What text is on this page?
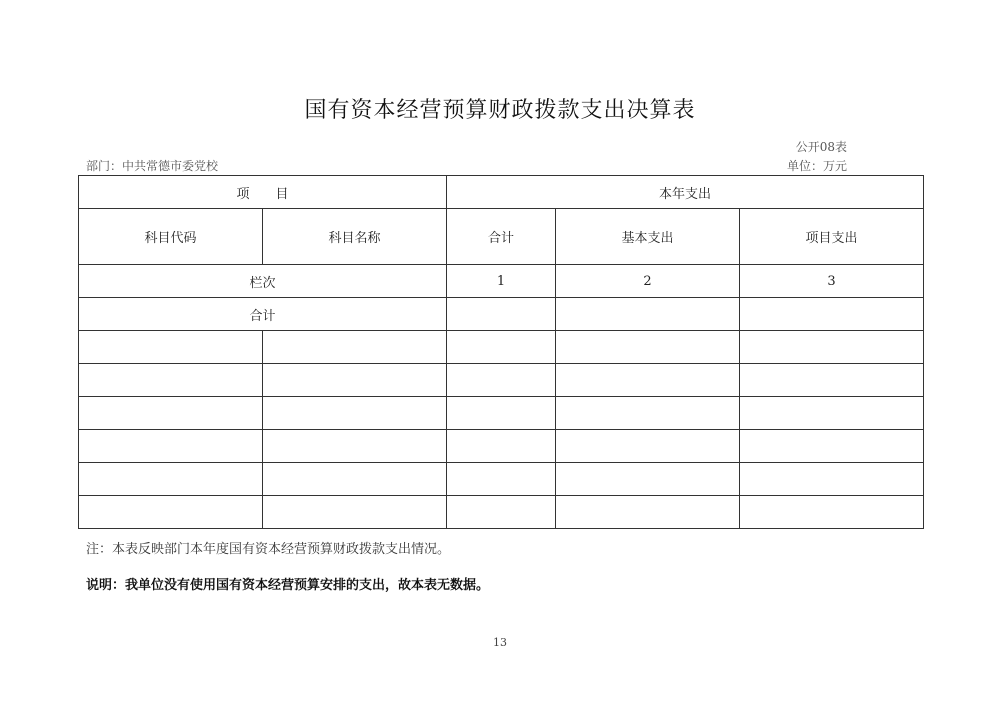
国有资本经营预算财政拨款支出决算表
公开08表
部门：中共常德市委党校	单位：万元
项　　目		本年支出		
科目代码	科目名称	合计	基本支出	项目支出
栏次		1	2	3
合计				

注：本表反映部门本年度国有资本经营预算财政拨款支出情况。
说明：我单位没有使用国有资本经营预算安排的支出，故本表无数据。
13
